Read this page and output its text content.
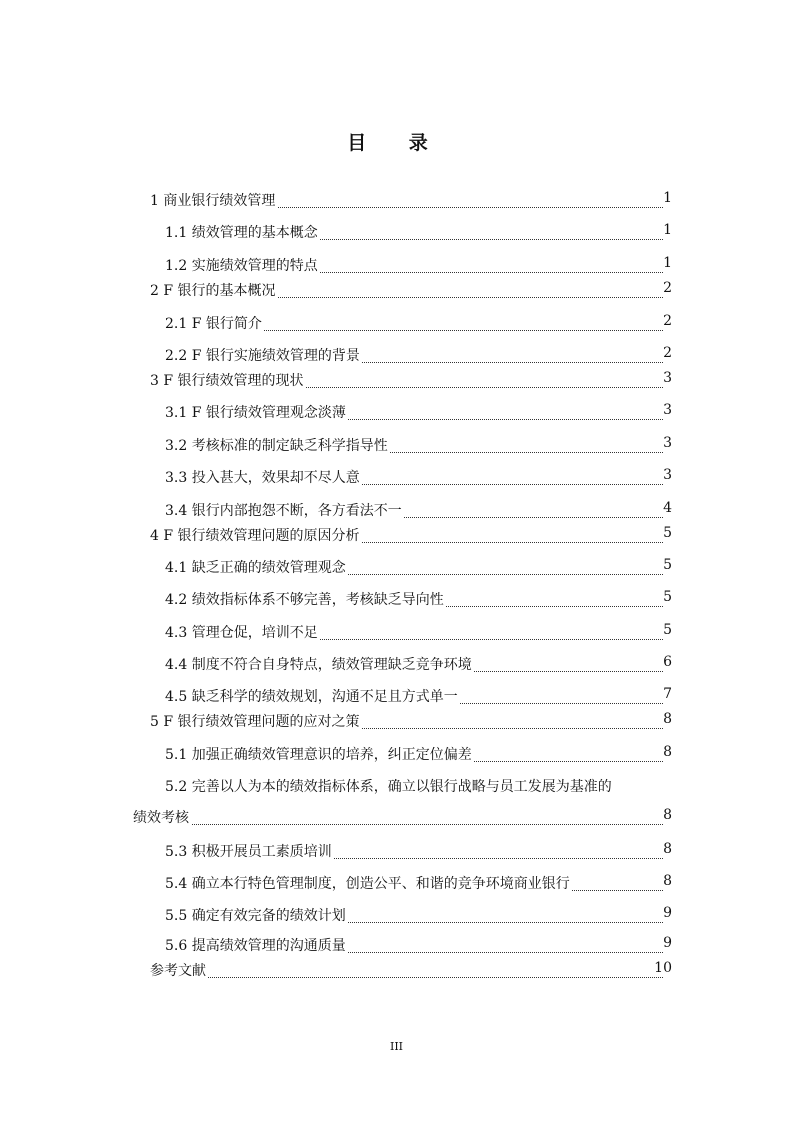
目 录
1 商业银行绩效管理	1
1.1 绩效管理的基本概念	1
1.2 实施绩效管理的特点	1
2 F 银行的基本概况	2
2.1 F 银行简介	2
2.2 F 银行实施绩效管理的背景	2
3 F 银行绩效管理的现状	3
3.1 F 银行绩效管理观念淡薄	3
3.2 考核标准的制定缺乏科学指导性	3
3.3 投入甚大，效果却不尽人意	3
3.4 银行内部抱怨不断，各方看法不一	4
4 F 银行绩效管理问题的原因分析	5
4.1 缺乏正确的绩效管理观念	5
4.2 绩效指标体系不够完善，考核缺乏导向性	5
4.3 管理仓促，培训不足	5
4.4 制度不符合自身特点，绩效管理缺乏竞争环境	6
4.5 缺乏科学的绩效规划，沟通不足且方式单一	7
5 F 银行绩效管理问题的应对之策	8
5.1 加强正确绩效管理意识的培养，纠正定位偏差	8
5.2 完善以人为本的绩效指标体系，确立以银行战略与员工发展为基准的
绩效考核	8
5.3 积极开展员工素质培训	8
5.4 确立本行特色管理制度，创造公平、和谐的竞争环境商业银行	8
5.5 确定有效完备的绩效计划	9
5.6 提高绩效管理的沟通质量	9
参考文献	10
III
